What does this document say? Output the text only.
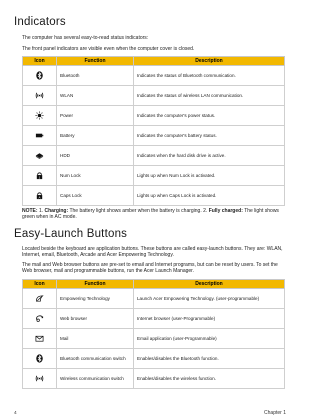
Indicators

The computer has several easy-to-read status indicators:

The front panel indicators are visible even when the computer cover is closed.

Icon	Function	Description

	Bluetooth	Indicates the status of Bluetooth communication.

	WLAN	Indicates the status of wireless LAN communication.

	Power	Indicates the computer's power status.

	Battery	Indicates the computer's battery status.

	HDD	Indicates when the hard disk drive is active.

1	Num Lock	Lights up when Num Lock is activated.

A	Caps Lock	Lights up when Caps Lock is activated.
NOTE: 1. Charging: The battery light shows amber when the battery is charging. 2. Fully charged: The light shows green when in AC mode.
Easy-Launch Buttons

Located beside the keyboard are application buttons. These buttons are called easy-launch buttons. They are: WLAN, Internet, email, Bluetooth, Arcade and Acer Empowering Technology.

The mail and Web browser buttons are pre-set to email and Internet programs, but can be reset by users. To set the Web browser, mail and programmable buttons, run the Acer Launch Manager.

Icon	Function	Description

	Empowering Technology	Launch Acer Empowering Technology. (user-programmable)

	Web browser	Internet browser (user-Programmable)

	Mail	Email application (user-Programmable)

	Bluetooth communication switch	Enables/disables the Bluetooth function.

	Wireless communication switch	Enables/disables the wireless function.
4	Chapter 1
